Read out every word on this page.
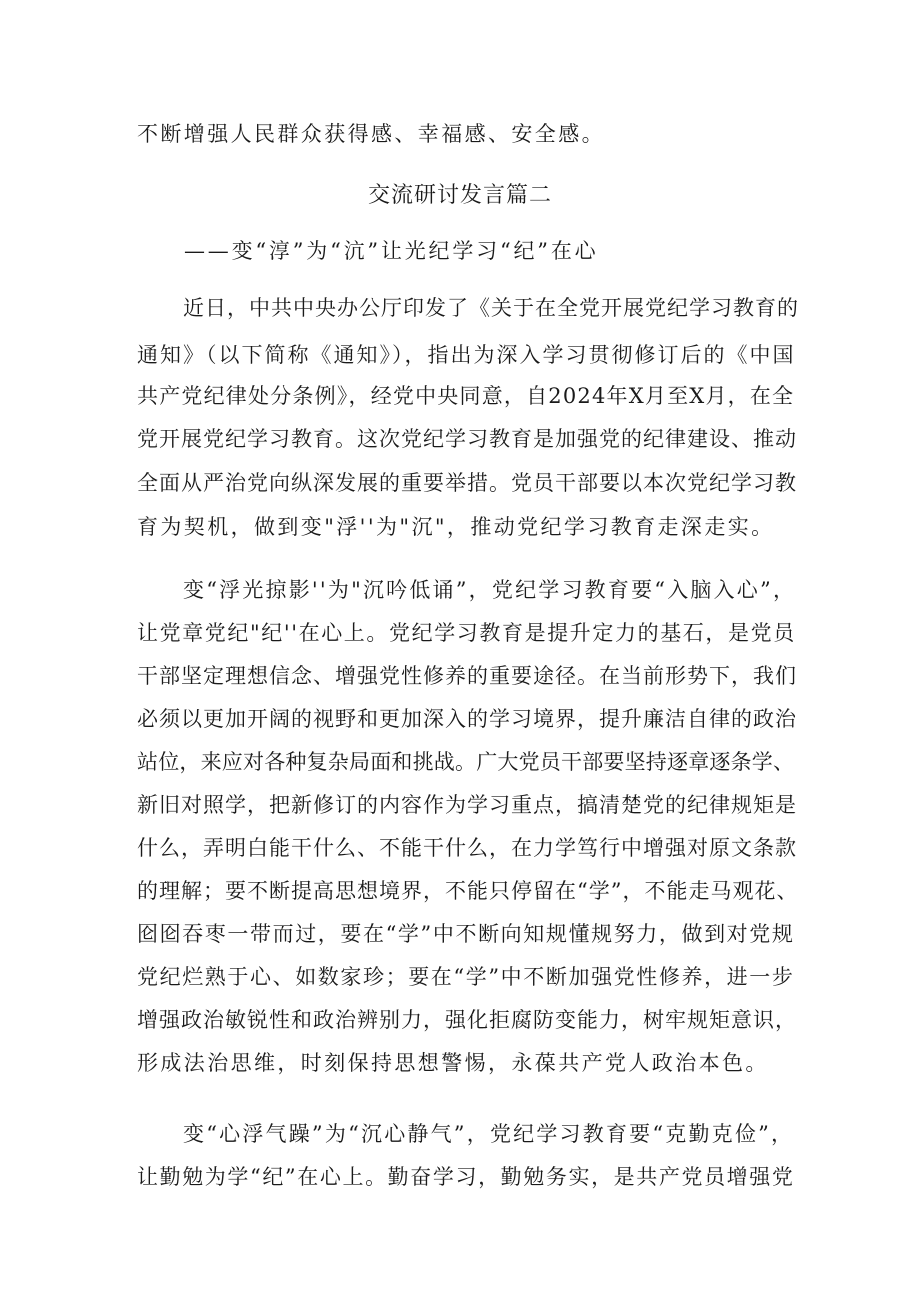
不断增强人民群众获得感、幸福感、安全感。
交流研讨发言篇二
——变“淳”为“沆”让光纪学习“纪”在心
近日，中共中央办公厅印发了《关于在全党开展党纪学习教育的
通知》（以下简称《通知》），指出为深入学习贯彻修订后的《中国
共产党纪律处分条例》，经党中央同意，自2024年X月至X月，在全
党开展党纪学习教育。这次党纪学习教育是加强党的纪律建设、推动
全面从严治党向纵深发展的重要举措。党员干部要以本次党纪学习教
育为契机，做到变"浮''为"沉"，推动党纪学习教育走深走实。
变“浮光掠影''为"沉吟低诵”，党纪学习教育要“入脑入心”，
让党章党纪"纪''在心上。党纪学习教育是提升定力的基石，是党员
干部坚定理想信念、增强党性修养的重要途径。在当前形势下，我们
必须以更加开阔的视野和更加深入的学习境界，提升廉洁自律的政治
站位，来应对各种复杂局面和挑战。广大党员干部要坚持逐章逐条学、
新旧对照学，把新修订的内容作为学习重点，搞清楚党的纪律规矩是
什么，弄明白能干什么、不能干什么，在力学笃行中增强对原文条款
的理解；要不断提高思想境界，不能只停留在“学”，不能走马观花、
囵囵吞枣一带而过，要在“学”中不断向知规懂规努力，做到对党规
党纪烂熟于心、如数家珍；要在“学”中不断加强党性修养，进一步
增强政治敏锐性和政治辨别力，强化拒腐防变能力，树牢规矩意识，
形成法治思维，时刻保持思想警惕，永葆共产党人政治本色。
变“心浮气躁”为“沉心静气”，党纪学习教育要“克勤克俭”，
让勤勉为学“纪”在心上。勤奋学习，勤勉务实，是共产党员增强党
